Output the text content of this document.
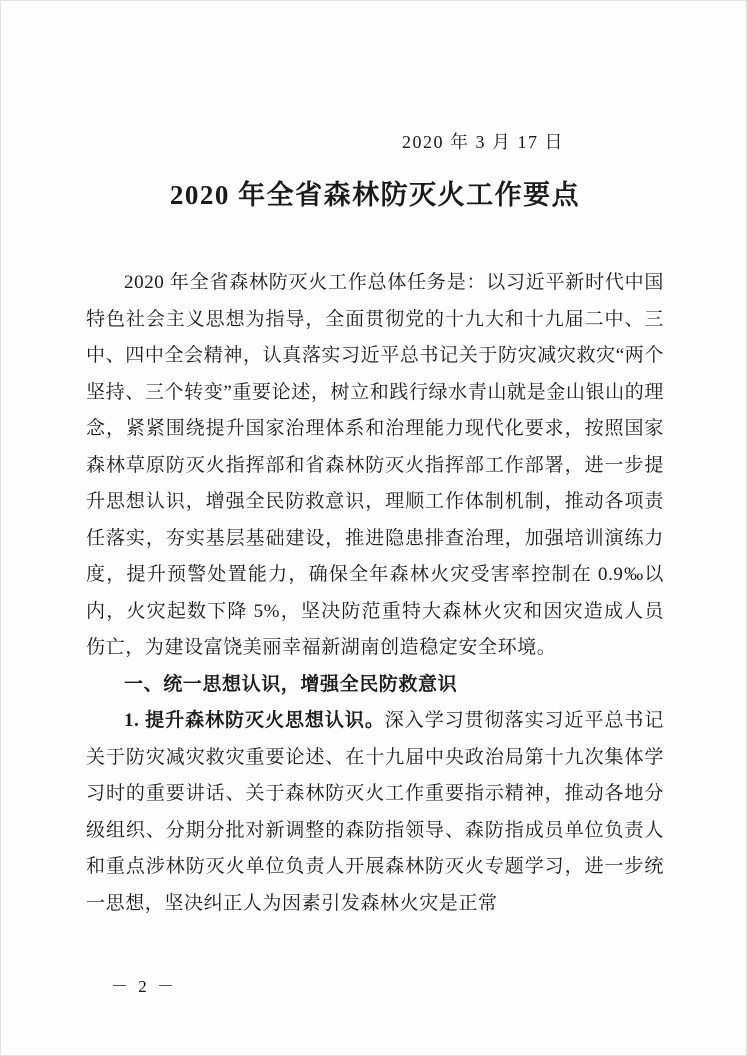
2020 年 3 月 17 日
2020 年全省森林防灭火工作要点

2020 年全省森林防灭火工作总体任务是：以习近平新时代中国特色社会主义思想为指导，全面贯彻党的十九大和十九届二中、三中、四中全会精神，认真落实习近平总书记关于防灾减灾救灾“两个坚持、三个转变”重要论述，树立和践行绿水青山就是金山银山的理念，紧紧围绕提升国家治理体系和治理能力现代化要求，按照国家森林草原防灭火指挥部和省森林防灭火指挥部工作部署，进一步提升思想认识，增强全民防救意识，理顺工作体制机制，推动各项责任落实，夯实基层基础建设，推进隐患排查治理，加强培训演练力度，提升预警处置能力，确保全年森林火灾受害率控制在 0.9‰以内，火灾起数下降 5%，坚决防范重特大森林火灾和因灾造成人员伤亡，为建设富饶美丽幸福新湖南创造稳定安全环境。

一、统一思想认识，增强全民防救意识

1. 提升森林防灭火思想认识。深入学习贯彻落实习近平总书记关于防灾减灾救灾重要论述、在十九届中央政治局第十九次集体学习时的重要讲话、关于森林防灭火工作重要指示精神，推动各地分级组织、分期分批对新调整的森防指领导、森防指成员单位负责人和重点涉林防灭火单位负责人开展森林防灭火专题学习，进一步统一思想，坚决纠正人为因素引发森林火灾是正常

－ 2 －
